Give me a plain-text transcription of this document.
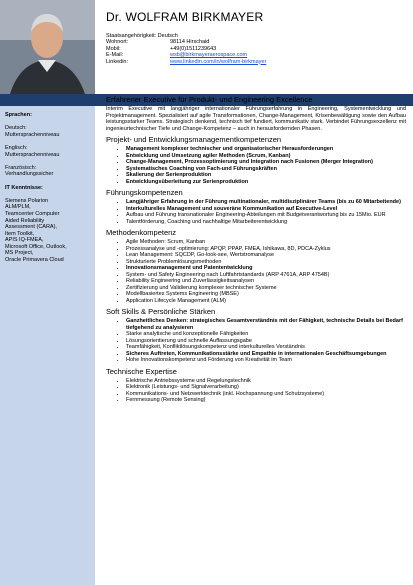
Dr. WOLFRAM BIRKMAYER
Staatsangehörigkeit: Deutsch
Wohnort:	98114 Hirschaid
Mobil:	+49(0)1511239643
E-Mail:	wsb@birkmayeraerospace.com
Linkedin:	www.linkedin.com/in/wolfram-birkmayer
Sprachen:
Deutsch:
Muttersprachenniveau
Englisch:
Muttersprachenniveau
Französisch:
Verhandlungssicher
IT Kenntnisse:
Siemens Polarion
ALM/PLM,
Teamcenter Computer
Aided Reliability
Assessment (CARA),
Item Toolkit,
APIS IQ-FMEA,
Microsoft Office, Outlook,
MS Project,
Oracle Primavera Cloud
Erfahrener Executive für Produkt- und Engineering Excellence

Interim Executive mit langjähriger internationaler Führungserfahrung in Engineering, Systementwicklung und Projektmanagement. Spezialisiert auf agile Transformationen, Change-Management, Krisenbewältigung sowie den Aufbau leistungsstarker Teams. Strategisch denkend, technisch tief fundiert, kommunikativ stark. Verbindet Führungsexzellenz mit ingenieurtechnischer Tiefe und Change-Kompetenz – auch in herausfordernden Phasen.

Projekt- und Entwicklungsmanagementkompetenzen
• Management komplexer technischer und organisatorischer Herausforderungen
• Entwicklung und Umsetzung agiler Methoden (Scrum, Kanban)
• Change-Management, Prozessoptimierung und Integration nach Fusionen (Merger Integration)
• Systematisches Coaching von Fach-und Führungskräften
• Skalierung der Serienproduktion
• Entwicklungsüberleitung zur Serienproduktion
Führungskompetenzen
• Langjähriger Erfahrung in der Führung multinationaler, multidisziplinärer Teams (bis zu 60 Mitarbeitende)
• Interkulturelles Management und souveräne Kommunikation auf Executive-Level
• Aufbau und Führung transnationaler Engineering-Abteilungen mit Budgetverantwortung bis zu 15Mio. EUR
• Talentförderung, Coaching und nachhaltige Mitarbeiterentwicklung
Methodenkompetenz
• Agile Methoden: Scrum, Kanban
• Prozessanalyse und -optimierung: APQP, PPAP, FMEA, Ishikawa, 8D, PDCA-Zyklus
• Lean Management: SQCDP, Go-look-see, Wertstromanalyse
• Strukturierte Problemlösungsmethoden
• Innovationsmanagement und Patententwicklung
• System- und Safety Engineering nach Luftfahrtstandards (ARP 4761A, ARP 4754B)
• Reliability Engineering und Zuverlässigkeitsanalysen
• Zertifizierung und Validierung komplexer technischer Systeme
• Modellbasiertes Systems Engineering (MBSE)
• Application Lifecycle Management (ALM)
Soft Skills & Persönliche Stärken
• Ganzheitliches Denken: strategisches Gesamtverständnis mit der Fähigkeit, technische Details bei Bedarf tiefgehend zu analysieren
• Starke analytische und konzeptionelle Fähigkeiten
• Lösungsorientierung und schnelle Auffassungsgabe
• Teamfähigkeit, Konfliktlösungskompetenz und interkulturelles Verständnis
• Sicheres Auftreten, Kommunikationsstärke und Empathie in internationalen Geschäftsumgebungen
• Hohe Innovationskompetenz und Förderung von Kreativität im Team
Technische Expertise
• Elektrische Antriebssysteme und Regelungstechnik
• Elektronik (Leistungs- und Signalverarbeitung)
• Kommunikations- und Netzwerktechnik (inkl. Hochspannung und Schutzsysteme)
• Fernmessung (Remote Sensing)
